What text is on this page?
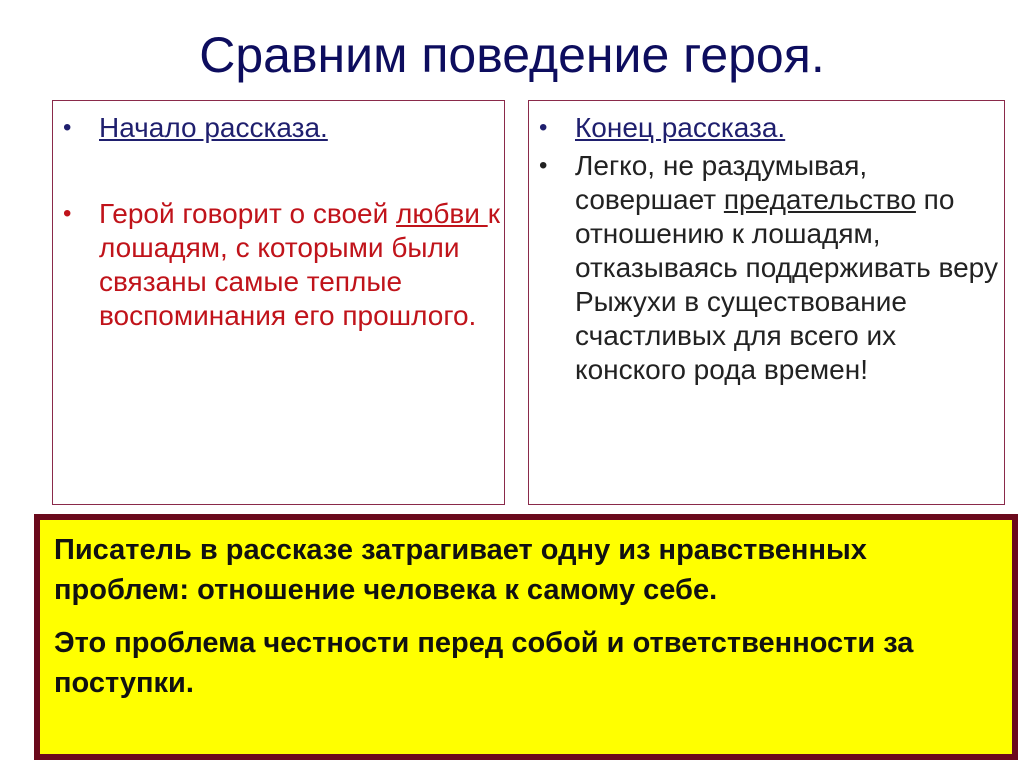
Сравним поведение героя.
• Начало рассказа.
• Герой говорит о своей любви к лошадям, с которыми были связаны самые теплые воспоминания его прошлого.
• Конец рассказа.
• Легко, не раздумывая, совершает предательство по отношению к лошадям, отказываясь поддерживать веру Рыжухи в существование счастливых для всего их конского рода времен!

Писатель в рассказе затрагивает одну из нравственных проблем: отношение человека к самому себе.

Это проблема честности перед собой и ответственности за поступки.
